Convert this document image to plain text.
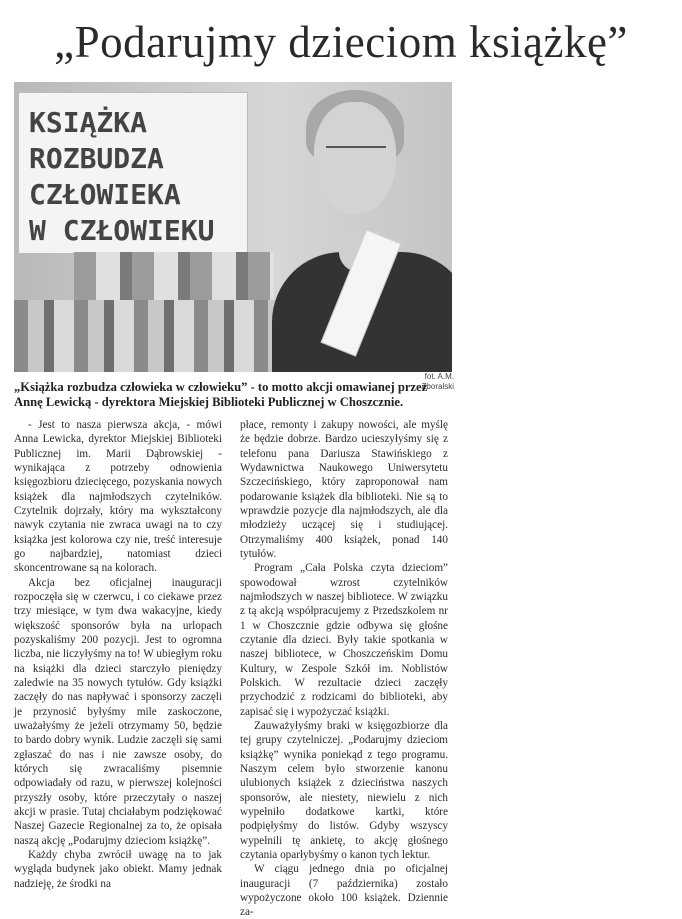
„Podarujmy dzieciom książkę”
KSIĄŻKA
ROZBUDZA
CZŁOWIEKA
W CZŁOWIEKU
fot. A.M. Zboralski
„Książka rozbudza człowieka w człowieku” - to motto akcji omawianej przez Annę Lewicką - dyrektora Miejskiej Biblioteki Publicznej w Choszcznie.

- Jest to nasza pierwsza akcja, - mówi Anna Lewicka, dyrektor Miejskiej Biblioteki Publicznej im. Marii Dąbrowskiej - wynikająca z potrzeby odnowienia księgozbioru dziecięcego, pozyskania nowych książek dla najmłodszych czytelników. Czytelnik dojrzały, który ma wykształcony nawyk czytania nie zwraca uwagi na to czy książka jest kolorowa czy nie, treść interesuje go najbardziej, natomiast dzieci skoncentrowane są na kolorach.

Akcja bez oficjalnej inauguracji rozpoczęła się w czerwcu, i co ciekawe przez trzy miesiące, w tym dwa wakacyjne, kiedy większość sponsorów była na urlopach pozyskaliśmy 200 pozycji. Jest to ogromna liczba, nie liczyłyśmy na to! W ubiegłym roku na książki dla dzieci starczyło pieniędzy zaledwie na 35 nowych tytułów. Gdy książki zaczęły do nas napływać i sponsorzy zaczęli je przynosić byłyśmy mile zaskoczone, uważałyśmy że jeżeli otrzymamy 50, będzie to bardo dobry wynik. Ludzie zaczęli się sami zgłaszać do nas i nie zawsze osoby, do których się zwracaliśmy pisemnie odpowiadały od razu, w pierwszej kolejności przyszły osoby, które przeczytały o naszej akcji w prasie. Tutaj chciałabym podziękować Naszej Gazecie Regionalnej za to, że opisała naszą akcję „Podarujmy dzieciom książkę”.

Każdy chyba zwrócił uwagę na to jak wygląda budynek jako obiekt. Mamy jednak nadzieję, że środki na

płace, remonty i zakupy nowości, ale myślę że będzie dobrze. Bardzo ucieszyłyśmy się z telefonu pana Dariusza Stawińskiego z Wydawnictwa Naukowego Uniwersytetu Szczecińskiego, który zaproponował nam podarowanie książek dla biblioteki. Nie są to wprawdzie pozycje dla najmłodszych, ale dla młodzieży uczącej się i studiującej. Otrzymaliśmy 400 książek, ponad 140 tytułów.

Program „Cała Polska czyta dzieciom” spowodował wzrost czytelników najmłodszych w naszej bibliotece. W związku z tą akcją współpracujemy z Przedszkolem nr 1 w Choszcznie gdzie odbywa się głośne czytanie dla dzieci. Były takie spotkania w naszej bibliotece, w Choszczeńskim Domu Kultury, w Zespole Szkół im. Noblistów Polskich. W rezultacie dzieci zaczęły przychodzić z rodzicami do biblioteki, aby zapisać się i wypożyczać książki.

Zauważyłyśmy braki w księgozbiorze dla tej grupy czytelniczej. „Podarujmy dzieciom książkę” wynika poniekąd z tego programu. Naszym celem było stworzenie kanonu ulubionych książek z dzieciństwa naszych sponsorów, ale niestety, niewielu z nich wypełniło dodatkowe kartki, które podpięłyśmy do listów. Gdyby wszyscy wypełnili tę ankietę, to akcję głośnego czytania oparłybyśmy o kanon tych lektur.

W ciągu jednego dnia po oficjalnej inauguracji (7 października) zostało wypożyczone około 100 książek. Dziennie za-
